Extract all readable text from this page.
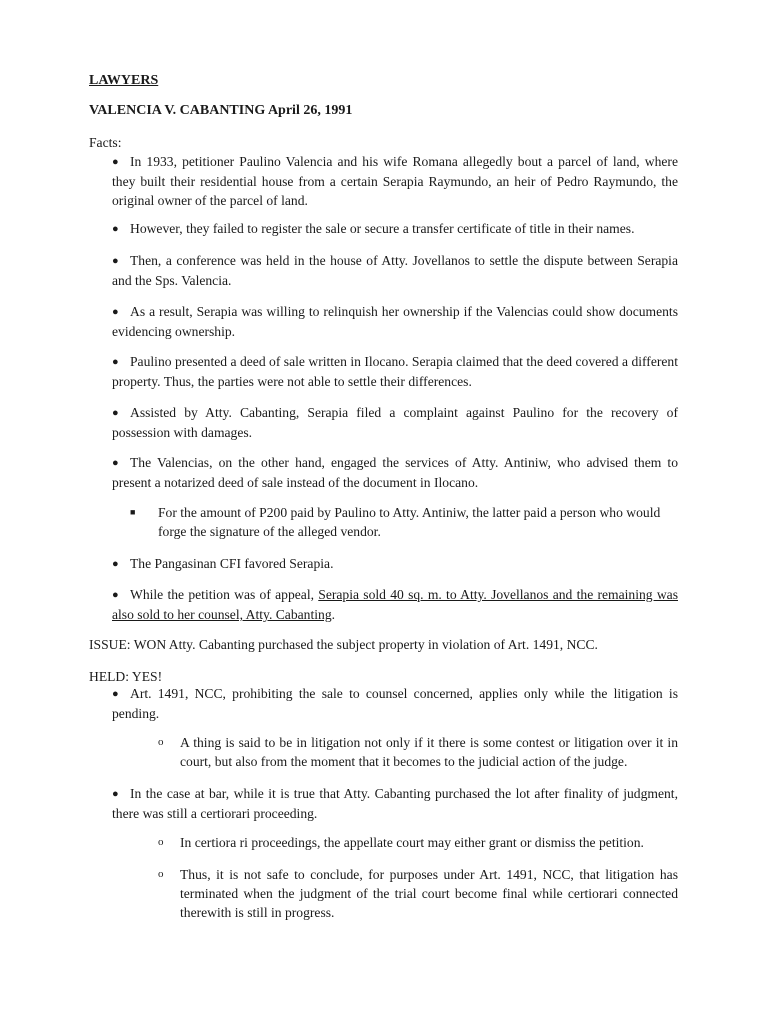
LAWYERS

VALENCIA V. CABANTING April 26, 1991

Facts:

● In 1933, petitioner Paulino Valencia and his wife Romana allegedly bout a parcel of land, where they built their residential house from a certain Serapia Raymundo, an heir of Pedro Raymundo, the original owner of the parcel of land.
● However, they failed to register the sale or secure a transfer certificate of title in their names.
● Then, a conference was held in the house of Atty. Jovellanos to settle the dispute between Serapia and the Sps. Valencia.
● As a result, Serapia was willing to relinquish her ownership if the Valencias could show documents evidencing ownership.
● Paulino presented a deed of sale written in Ilocano. Serapia claimed that the deed covered a different property. Thus, the parties were not able to settle their differences.
● Assisted by Atty. Cabanting, Serapia filed a complaint against Paulino for the recovery of possession with damages.
● The Valencias, on the other hand, engaged the services of Atty. Antiniw, who advised them to present a notarized deed of sale instead of the document in Ilocano.
■ For the amount of P200 paid by Paulino to Atty. Antiniw, the latter paid a person who would forge the signature of the alleged vendor.
● The Pangasinan CFI favored Serapia.
● While the petition was of appeal, Serapia sold 40 sq. m. to Atty. Jovellanos and the remaining was also sold to her counsel, Atty. Cabanting.

ISSUE: WON Atty. Cabanting purchased the subject property in violation of Art. 1491, NCC.

HELD: YES!

● Art. 1491, NCC, prohibiting the sale to counsel concerned, applies only while the litigation is pending.
o A thing is said to be in litigation not only if it there is some contest or litigation over it in court, but also from the moment that it becomes to the judicial action of the judge.
● In the case at bar, while it is true that Atty. Cabanting purchased the lot after finality of judgment, there was still a certiorari proceeding.
o In certiora ri proceedings, the appellate court may either grant or dismiss the petition.
o Thus, it is not safe to conclude, for purposes under Art. 1491, NCC, that litigation has terminated when the judgment of the trial court become final while certiorari connected therewith is still in progress.
